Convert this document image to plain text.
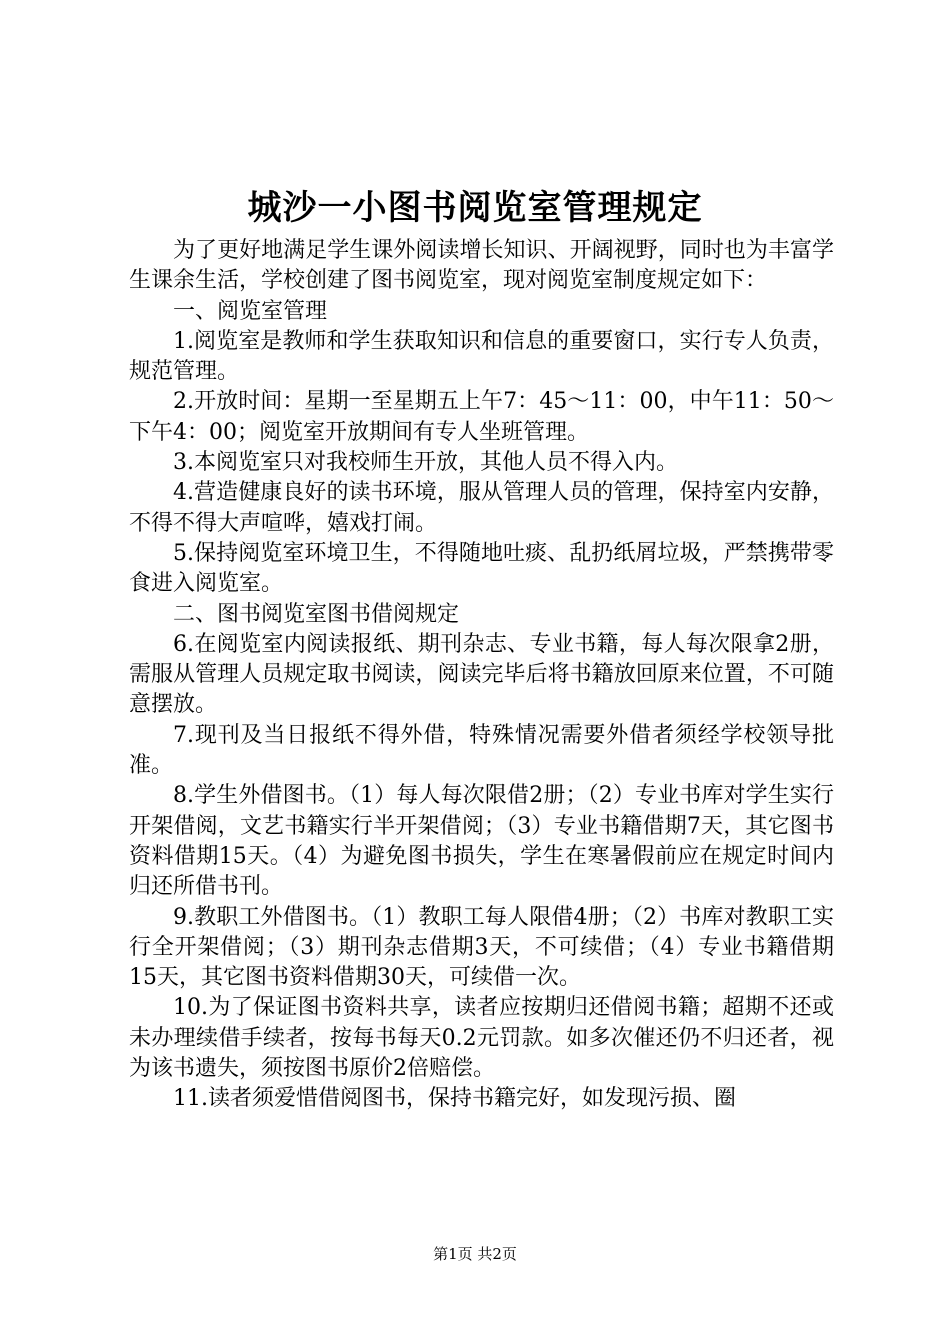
城沙一小图书阅览室管理规定

为了更好地满足学生课外阅读增长知识、开阔视野，同时也为丰富学生课余生活，学校创建了图书阅览室，现对阅览室制度规定如下：

一、阅览室管理

1.阅览室是教师和学生获取知识和信息的重要窗口，实行专人负责，规范管理。

2.开放时间：星期一至星期五上午7：45～11：00，中午11：50～下午4：00；阅览室开放期间有专人坐班管理。

3.本阅览室只对我校师生开放，其他人员不得入内。

4.营造健康良好的读书环境，服从管理人员的管理，保持室内安静，不得不得大声喧哗，嬉戏打闹。

5.保持阅览室环境卫生，不得随地吐痰、乱扔纸屑垃圾，严禁携带零食进入阅览室。

二、图书阅览室图书借阅规定

6.在阅览室内阅读报纸、期刊杂志、专业书籍，每人每次限拿2册，需服从管理人员规定取书阅读，阅读完毕后将书籍放回原来位置，不可随意摆放。

7.现刊及当日报纸不得外借，特殊情况需要外借者须经学校领导批准。

8.学生外借图书。（1）每人每次限借2册；（2）专业书库对学生实行开架借阅，文艺书籍实行半开架借阅；（3）专业书籍借期7天，其它图书资料借期15天。（4）为避免图书损失，学生在寒暑假前应在规定时间内归还所借书刊。

9.教职工外借图书。（1）教职工每人限借4册；（2）书库对教职工实行全开架借阅；（3）期刊杂志借期3天，不可续借；（4）专业书籍借期15天，其它图书资料借期30天，可续借一次。

10.为了保证图书资料共享，读者应按期归还借阅书籍；超期不还或未办理续借手续者，按每书每天0.2元罚款。如多次催还仍不归还者，视为该书遗失，须按图书原价2倍赔偿。

11.读者须爱惜借阅图书，保持书籍完好，如发现污损、圈

第1页 共2页
